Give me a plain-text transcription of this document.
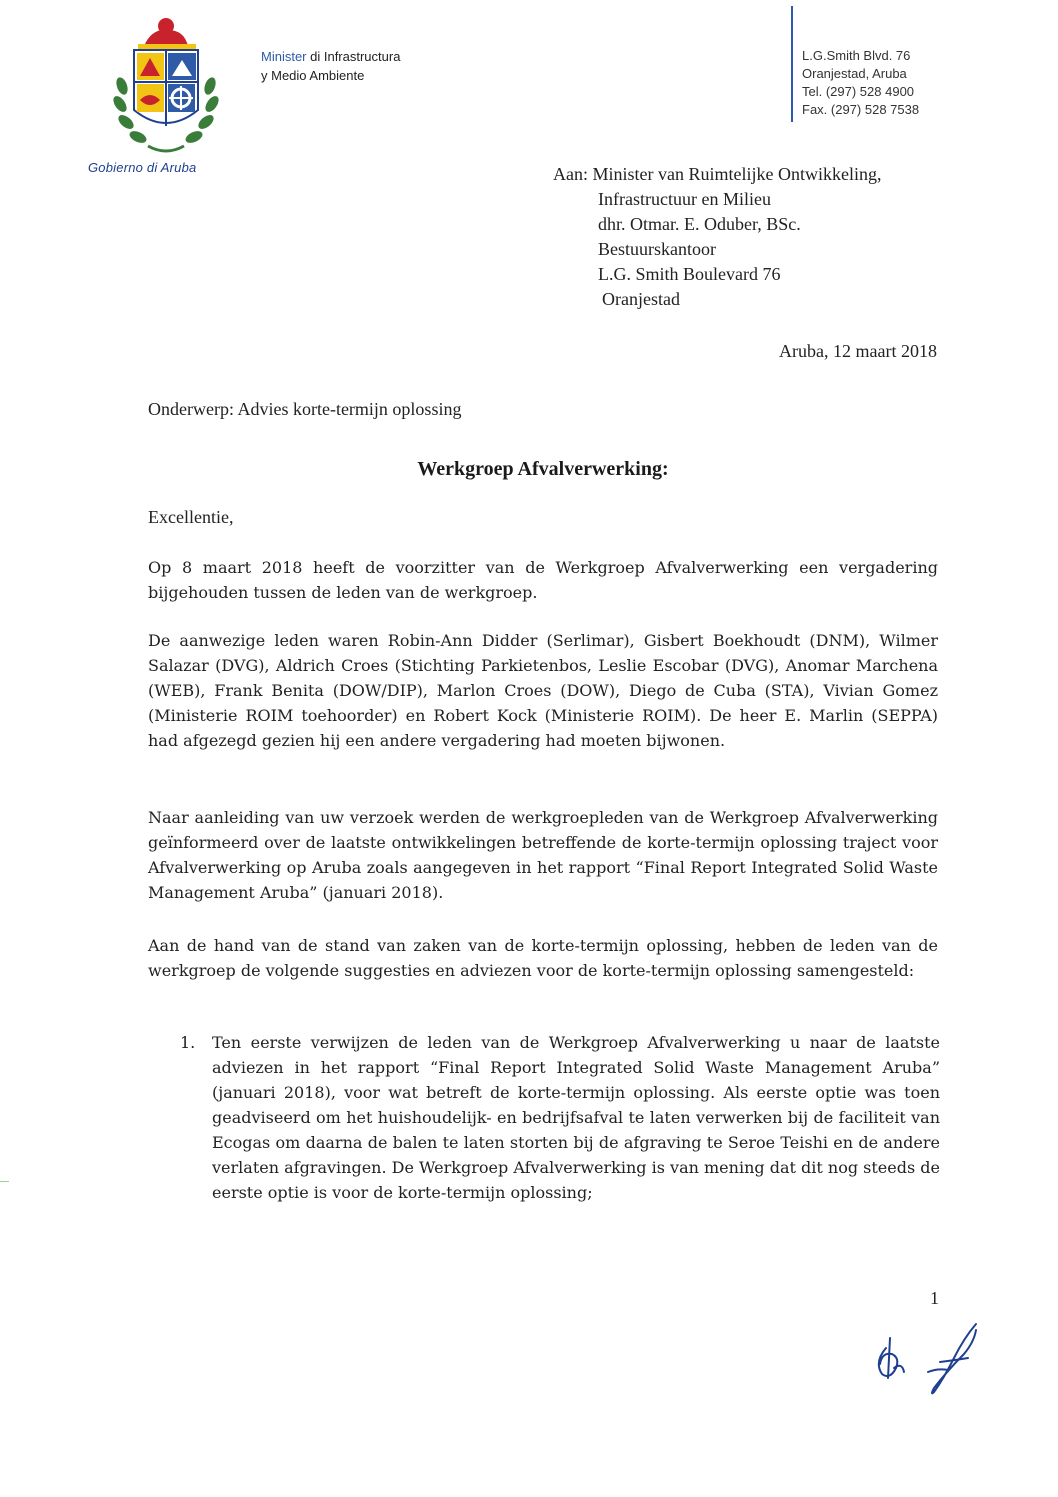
Gobierno di Aruba
Minister di Infrastructura
y Medio Ambiente
L.G.Smith Blvd. 76
Oranjestad, Aruba
Tel. (297) 528 4900
Fax. (297) 528 7538
Aan: Minister van Ruimtelijke Ontwikkeling,
Infrastructuur en Milieu
dhr. Otmar. E. Oduber, BSc.
Bestuurskantoor
L.G. Smith Boulevard 76
Oranjestad
Aruba, 12 maart 2018
Onderwerp: Advies korte-termijn oplossing
Werkgroep Afvalverwerking:
Excellentie,
Op 8 maart 2018 heeft de voorzitter van de Werkgroep Afvalverwerking een vergadering bijgehouden tussen de leden van de werkgroep.
De aanwezige leden waren Robin-Ann Didder (Serlimar), Gisbert Boekhoudt (DNM), Wilmer Salazar (DVG), Aldrich Croes (Stichting Parkietenbos, Leslie Escobar (DVG), Anomar Marchena (WEB), Frank Benita (DOW/DIP), Marlon Croes (DOW), Diego de Cuba (STA), Vivian Gomez (Ministerie ROIM toehoorder) en Robert Kock (Ministerie ROIM). De heer E. Marlin (SEPPA) had afgezegd gezien hij een andere vergadering had moeten bijwonen.
Naar aanleiding van uw verzoek werden de werkgroepleden van de Werkgroep Afvalverwerking geïnformeerd over de laatste ontwikkelingen betreffende de korte-termijn oplossing traject voor Afvalverwerking op Aruba zoals aangegeven in het rapport “Final Report Integrated Solid Waste Management Aruba” (januari 2018).
Aan de hand van de stand van zaken van de korte-termijn oplossing, hebben de leden van de werkgroep de volgende suggesties en adviezen voor de korte-termijn oplossing samengesteld:
1.	Ten eerste verwijzen de leden van de Werkgroep Afvalverwerking u naar de laatste adviezen in het rapport “Final Report Integrated Solid Waste Management Aruba” (januari 2018), voor wat betreft de korte-termijn oplossing. Als eerste optie was toen geadviseerd om het huishoudelijk- en bedrijfsafval te laten verwerken bij de faciliteit van Ecogas om daarna de balen te laten storten bij de afgraving te Seroe Teishi en de andere verlaten afgravingen. De Werkgroep Afvalverwerking is van mening dat dit nog steeds de eerste optie is voor de korte-termijn oplossing;
1
